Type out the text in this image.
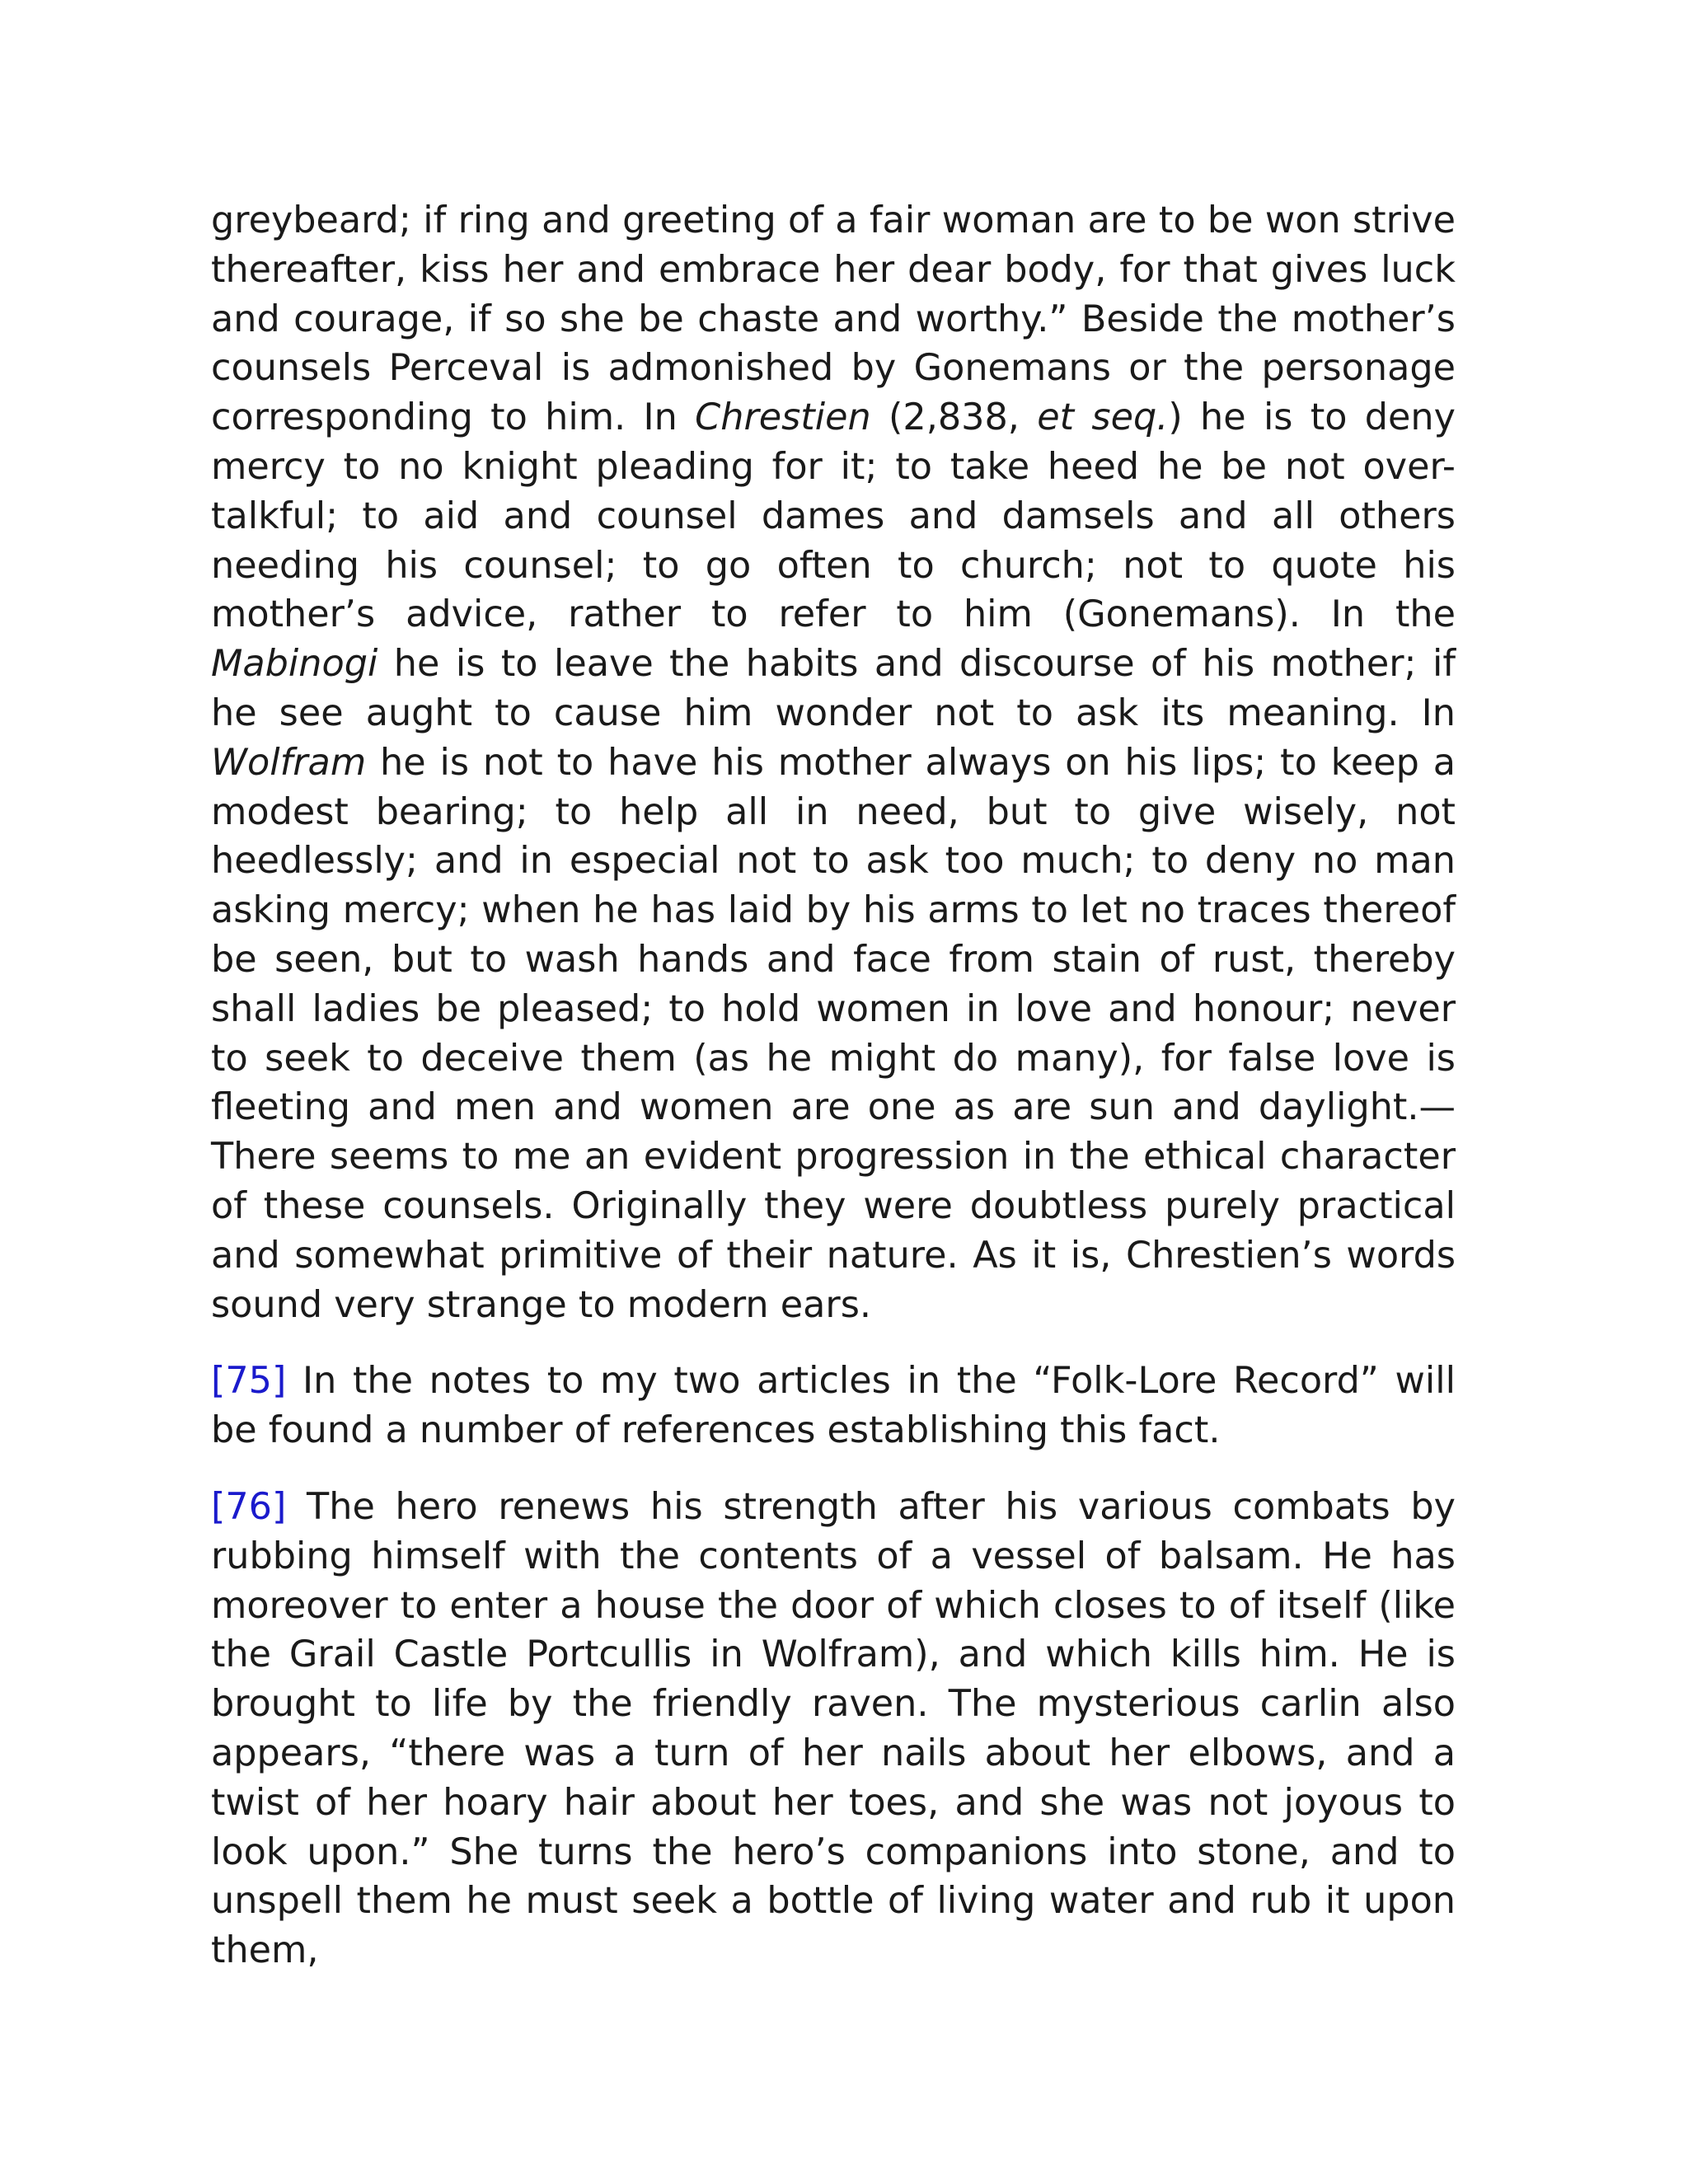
greybeard; if ring and greeting of a fair woman are to be won strive thereafter, kiss her and embrace her dear body, for that gives luck and courage, if so she be chaste and worthy.” Beside the mother’s counsels Perceval is admonished by Gonemans or the personage corresponding to him. In Chrestien (2,838, et seq.) he is to deny mercy to no knight pleading for it; to take heed he be not over-talkful; to aid and counsel dames and damsels and all others needing his counsel; to go often to church; not to quote his mother’s advice, rather to refer to him (Gonemans). In the Mabinogi he is to leave the habits and discourse of his mother; if he see aught to cause him wonder not to ask its meaning. In Wolfram he is not to have his mother always on his lips; to keep a modest bearing; to help all in need, but to give wisely, not heedlessly; and in especial not to ask too much; to deny no man asking mercy; when he has laid by his arms to let no traces thereof be seen, but to wash hands and face from stain of rust, thereby shall ladies be pleased; to hold women in love and honour; never to seek to deceive them (as he might do many), for false love is fleeting and men and women are one as are sun and daylight.—There seems to me an evident progression in the ethical character of these counsels. Originally they were doubtless purely practical and somewhat primitive of their nature. As it is, Chrestien’s words sound very strange to modern ears.

[75] In the notes to my two articles in the “Folk-Lore Record” will be found a number of references establishing this fact.

[76] The hero renews his strength after his various combats by rubbing himself with the contents of a vessel of balsam. He has moreover to enter a house the door of which closes to of itself (like the Grail Castle Portcullis in Wolfram), and which kills him. He is brought to life by the friendly raven. The mysterious carlin also appears, “there was a turn of her nails about her elbows, and a twist of her hoary hair about her toes, and she was not joyous to look upon.” She turns the hero’s companions into stone, and to unspell them he must seek a bottle of living water and rub it upon them,
